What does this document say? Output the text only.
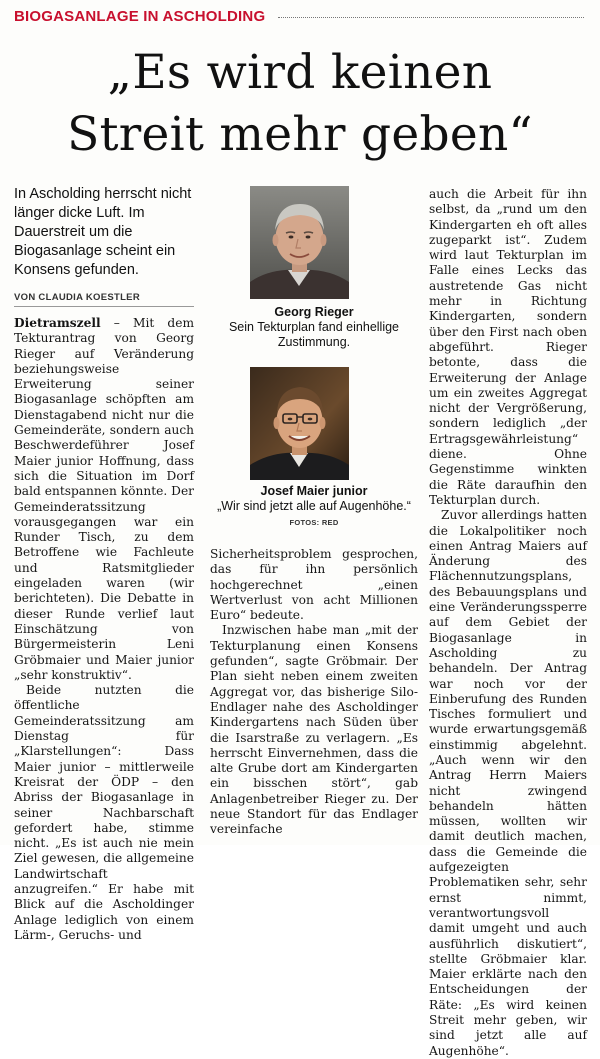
BIOGASANLAGE IN ASCHOLDING
„Es wird keinen
Streit mehr geben“
In Ascholding herrscht nicht länger dicke Luft. Im Dauerstreit um die Biogasanlage scheint ein Konsens gefunden.
VON CLAUDIA KOESTLER

Dietramszell – Mit dem Tekturantrag von Georg Rieger auf Veränderung beziehungsweise Erweiterung seiner Biogasanlage schöpften am Dienstagabend nicht nur die Gemeinderäte, sondern auch Beschwerdeführer Josef Maier junior Hoffnung, dass sich die Situation im Dorf bald entspannen könnte. Der Gemeinderatssitzung vorausgegangen war ein Runder Tisch, zu dem Betroffene wie Fachleute und Ratsmitglieder eingeladen waren (wir berichteten). Die Debatte in dieser Runde verlief laut Einschätzung von Bürgermeisterin Leni Gröbmaier und Maier junior „sehr konstruktiv“.

Beide nutzten die öffentliche Gemeinderatssitzung am Dienstag für „Klarstellungen“: Dass Maier junior – mittlerweile Kreisrat der ÖDP – den Abriss der Biogasanlage in seiner Nachbarschaft gefordert habe, stimme nicht. „Es ist auch nie mein Ziel gewesen, die allgemeine Landwirtschaft anzugreifen.“ Er habe mit Blick auf die Ascholdinger Anlage lediglich von einem Lärm-, Geruchs- und

Georg Rieger
Sein Tekturplan fand einhellige Zustimmung.
Josef Maier junior
„Wir sind jetzt alle auf Augenhöhe.“ FOTOS: RED

Sicherheitsproblem gesprochen, das für ihn persönlich hochgerechnet „einen Wertverlust von acht Millionen Euro“ bedeute.

Inzwischen habe man „mit der Tekturplanung einen Konsens gefunden“, sagte Gröbmair. Der Plan sieht neben einem zweiten Aggregat vor, das bisherige Silo-Endlager nahe des Ascholdinger Kindergartens nach Süden über die Isarstraße zu verlagern. „Es herrscht Einvernehmen, dass die alte Grube dort am Kindergarten ein bisschen stört“, gab Anlagenbetreiber Rieger zu. Der neue Standort für das Endlager vereinfache

auch die Arbeit für ihn selbst, da „rund um den Kindergarten eh oft alles zugeparkt ist“. Zudem wird laut Tekturplan im Falle eines Lecks das austretende Gas nicht mehr in Richtung Kindergarten, sondern über den First nach oben abgeführt. Rieger betonte, dass die Erweiterung der Anlage um ein zweites Aggregat nicht der Vergrößerung, sondern lediglich „der Ertragsgewährleistung“ diene. Ohne Gegenstimme winkten die Räte daraufhin den Tekturplan durch.

Zuvor allerdings hatten die Lokalpolitiker noch einen Antrag Maiers auf Änderung des Flächennutzungsplans, des Bebauungsplans und eine Veränderungssperre auf dem Gebiet der Biogasanlage in Ascholding zu behandeln. Der Antrag war noch vor der Einberufung des Runden Tisches formuliert und wurde erwartungsgemäß einstimmig abgelehnt. „Auch wenn wir den Antrag Herrn Maiers nicht zwingend behandeln hätten müssen, wollten wir damit deutlich machen, dass die Gemeinde die aufgezeigten Problematiken sehr, sehr ernst nimmt, verantwortungsvoll damit umgeht und auch ausführlich diskutiert“, stellte Gröbmaier klar. Maier erklärte nach den Entscheidungen der Räte: „Es wird keinen Streit mehr geben, wir sind jetzt alle auf Augenhöhe“.
